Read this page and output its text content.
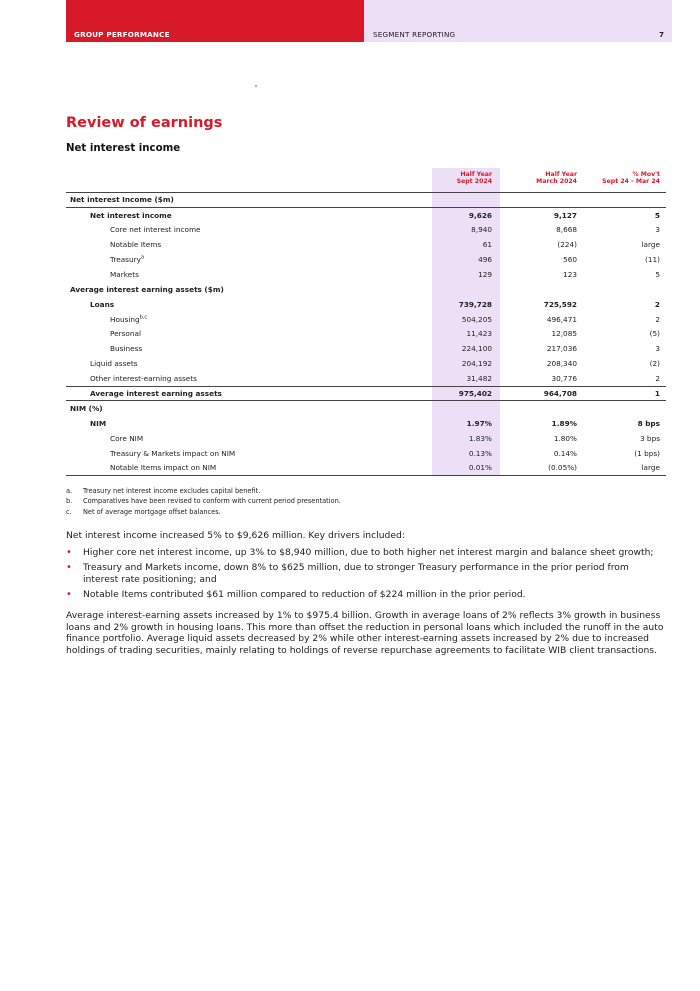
GROUP PERFORMANCE	SEGMENT REPORTING	7
Review of earnings
Net interest income
Half Year
Sept 2024
Half Year
March 2024
% Mov't
Sept 24 - Mar 24
Net interest Income ($m)			
Net interest income	9,626	9,127	5
Core net interest income	8,940	8,668	3
Notable Items	61	(224)	large
Treasury$^a$	496	560	(11)
Markets	129	123	5
Average interest earning assets ($m)			
Loans	739,728	725,592	2
Housing$^{b,c}$	504,205	496,471	2
Personal	11,423	12,085	(5)
Business	224,100	217,036	3
Liquid assets	204,192	208,340	(2)
Other interest-earning assets	31,482	30,776	2
Average interest earning assets	975,402	964,708	1
NIM (%)			
NIM	1.97%	1.89%	8 bps
Core NIM	1.83%	1.80%	3 bps
Treasury & Markets impact on NIM	0.13%	0.14%	(1 bps)
Notable Items impact on NIM	0.01%	(0.05%)	large
a.	Treasury net interest income excludes capital benefit.
b.	Comparatives have been revised to conform with current period presentation.
c.	Net of average mortgage offset balances.
Net interest income increased 5% to $9,626 million. Key drivers included:
•	Higher core net interest income, up 3% to $8,940 million, due to both higher net interest margin and balance sheet growth;
•	Treasury and Markets income, down 8% to $625 million, due to stronger Treasury performance in the prior period from interest rate positioning; and
•	Notable Items contributed $61 million compared to reduction of $224 million in the prior period.
Average interest-earning assets increased by 1% to $975.4 billion. Growth in average loans of 2% reflects 3% growth in business loans and 2% growth in housing loans. This more than offset the reduction in personal loans which included the runoff in the auto finance portfolio. Average liquid assets decreased by 2% while other interest-earning assets increased by 2% due to increased holdings of trading securities, mainly relating to holdings of reverse repurchase agreements to facilitate WIB client transactions.
